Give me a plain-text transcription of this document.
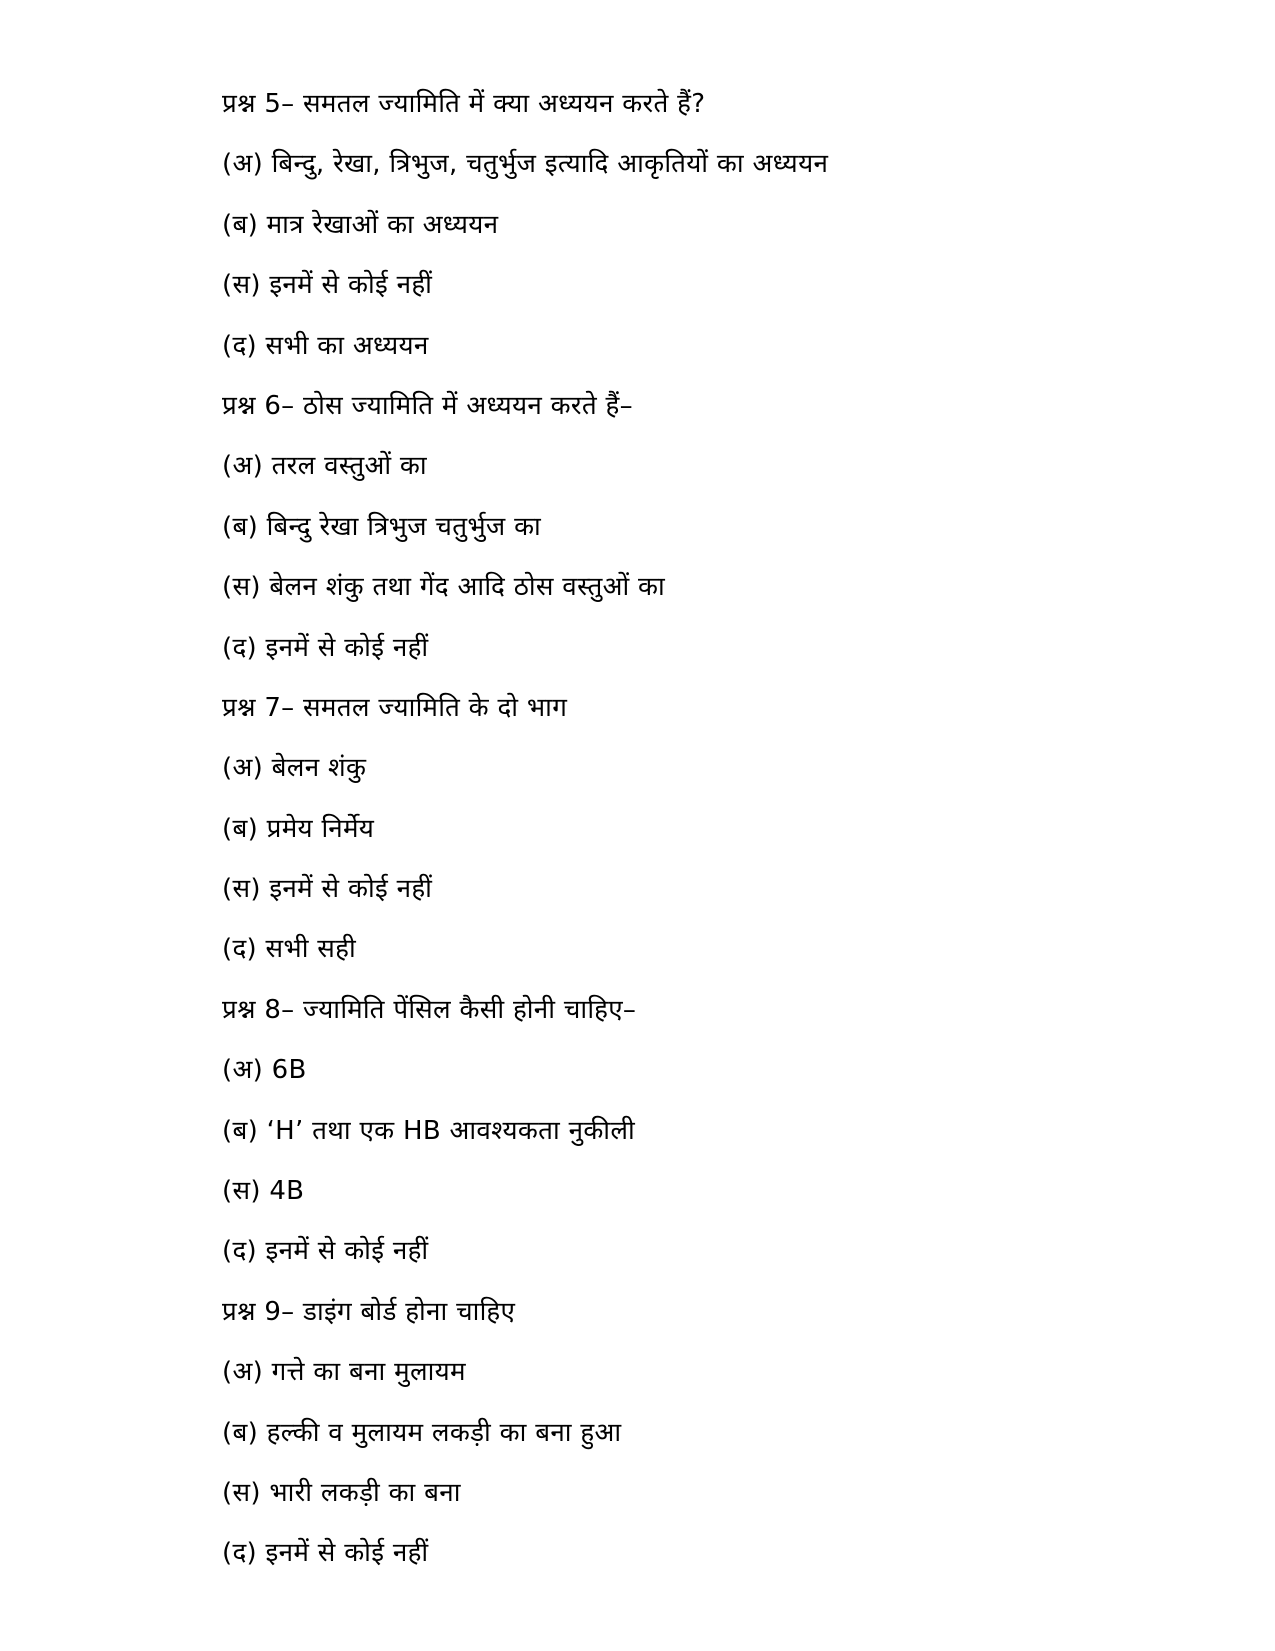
प्रश्न 5– समतल ज्यामिति में क्या अध्ययन करते हैं?
(अ) बिन्दु, रेखा, त्रिभुज, चतुर्भुज इत्यादि आकृतियों का अध्ययन
(ब) मात्र रेखाओं का अध्ययन
(स) इनमें से कोई नहीं
(द) सभी का अध्ययन
प्रश्न 6– ठोस ज्यामिति में अध्ययन करते हैं–
(अ) तरल वस्तुओं का
(ब) बिन्दु रेखा त्रिभुज चतुर्भुज का
(स) बेलन शंकु तथा गेंद आदि ठोस वस्तुओं का
(द) इनमें से कोई नहीं
प्रश्न 7– समतल ज्यामिति के दो भाग
(अ) बेलन शंकु
(ब) प्रमेय निर्मेय
(स) इनमें से कोई नहीं
(द) सभी सही
प्रश्न 8– ज्यामिति पेंसिल कैसी होनी चाहिए–
(अ) 6B
(ब) ‘H’ तथा एक HB आवश्यकता नुकीली
(स) 4B
(द) इनमें से कोई नहीं
प्रश्न 9– डाइंग बोर्ड होना चाहिए
(अ) गत्ते का बना मुलायम
(ब) हल्की व मुलायम लकड़ी का बना हुआ
(स) भारी लकड़ी का बना
(द) इनमें से कोई नहीं
